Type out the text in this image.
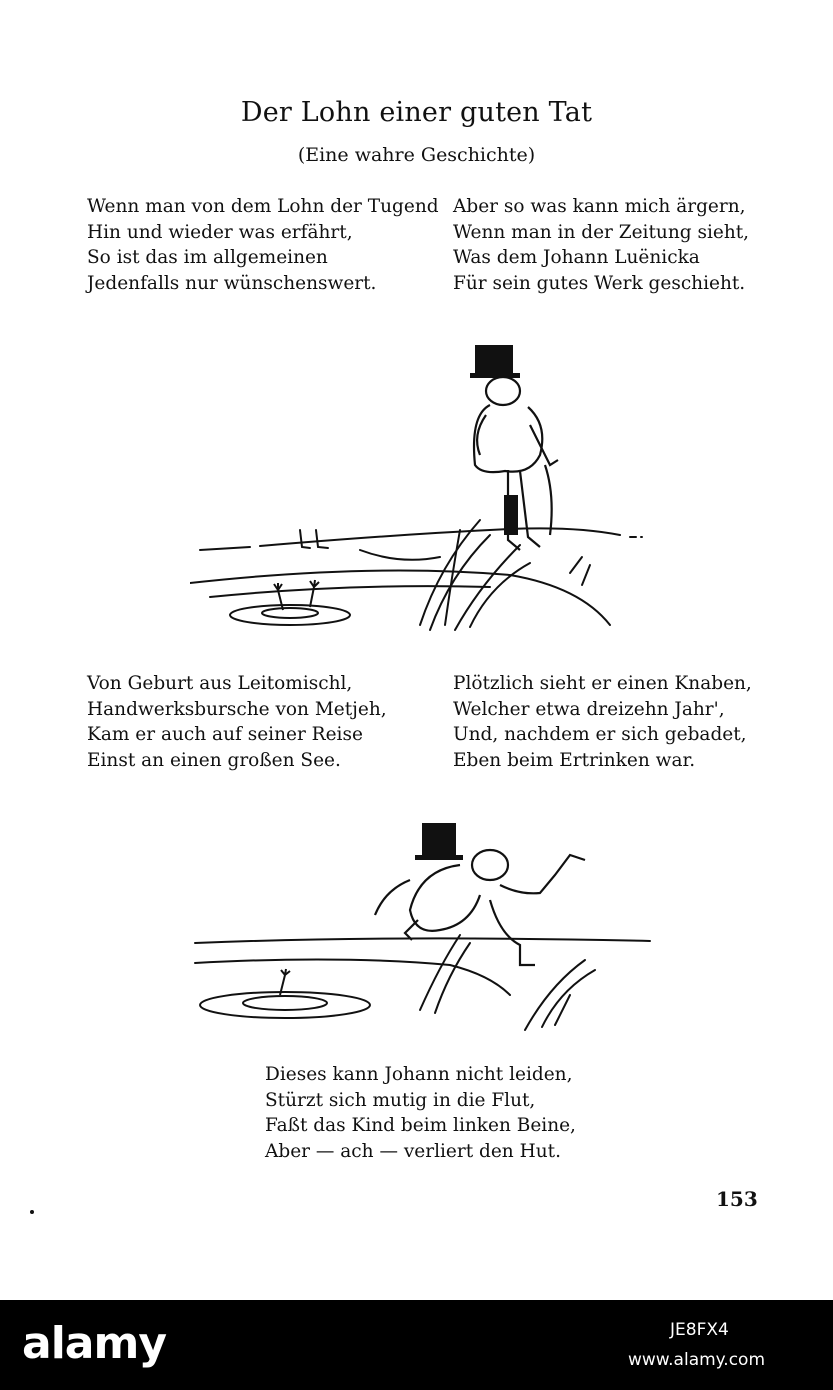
Der Lohn einer guten Tat
(Eine wahre Geschichte)
Wenn man von dem Lohn der Tugend
Hin und wieder was erfährt,
So ist das im allgemeinen
Jedenfalls nur wünschenswert.
Aber so was kann mich ärgern,
Wenn man in der Zeitung sieht,
Was dem Johann Luënicka
Für sein gutes Werk geschieht.
Von Geburt aus Leitomischl,
Handwerksbursche von Metjeh,
Kam er auch auf seiner Reise
Einst an einen großen See.
Plötzlich sieht er einen Knaben,
Welcher etwa dreizehn Jahr',
Und, nachdem er sich gebadet,
Eben beim Ertrinken war.
Dieses kann Johann nicht leiden,
Stürzt sich mutig in die Flut,
Faßt das Kind beim linken Beine,
Aber — ach — verliert den Hut.
153
alamy	JE8FX4
www.alamy.com
